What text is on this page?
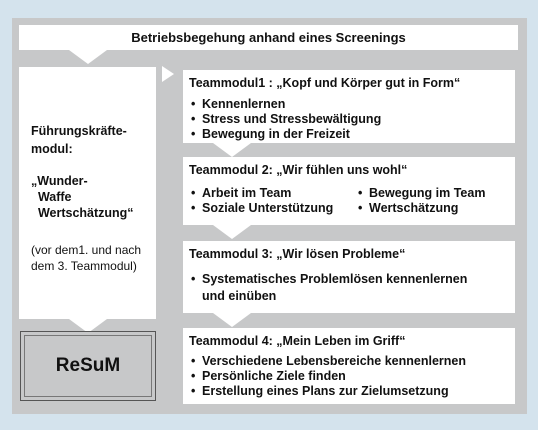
Betriebsbegehung anhand eines Screenings
Führungskräfte-
modul:
„Wunder-
Waffe
Wertschätzung“
(vor dem1. und nach
dem 3. Teammodul)
Teammodul1 : „Kopf und Körper gut in Form“
• Kennenlernen
• Stress und Stressbewältigung
• Bewegung in der Freizeit
Teammodul 2: „Wir fühlen uns wohl“
• Arbeit im Team
• Soziale Unterstützung
• Bewegung im Team
• Wertschätzung
Teammodul 3: „Wir lösen Probleme“
• Systematisches Problemlösen kennenlernen
und einüben
Teammodul 4: „Mein Leben im Griff“
• Verschiedene Lebensbereiche kennenlernen
• Persönliche Ziele finden
• Erstellung eines Plans zur Zielumsetzung
ReSuM
